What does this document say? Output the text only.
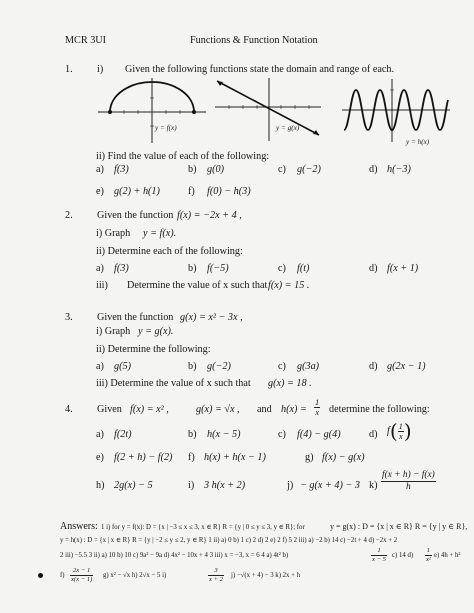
MCR 3UI	Functions & Function Notation
1. i) Given the following functions state the domain and range of each.
y = f(x)	y = g(x)
y = h(x)
ii) Find the value of each of the following:
a) f(3)	b) g(0)	c) g(−2)	d) h(−3)
e) g(2) + h(1)	f) f(0) − h(3)
2. Given the function f(x) = −2x + 4 ,
i) Graph y = f(x).
ii) Determine each of the following:
a) f(3)	b) f(−5)	c) f(t)	d) f(x + 1)
iii) Determine the value of x such that f(x) = 15 .
3. Given the function g(x) = x² − 3x ,
i) Graph y = g(x).
ii) Determine the following:
a) g(5)	b) g(−2)	c) g(3a)	d) g(2x − 1)
iii) Determine the value of x such that g(x) = 18 .
4. Given f(x) = x² ,	g(x) = √x , and $h(x) = \frac{1}{x}$ determine the following:
a) f(2t)	b) h(x − 5)	c) f(4) − g(4)	d) $f( \frac{1}{x}$ )
e) f(2 + h) − f(2) f) h(x) + h(x − 1)	g) f(x) − g(x)
h) 2g(x) − 5	i) 3 h(x + 2)	j) − g(x + 4) − 3 $k) \frac{f(x + h) - f(x)}{h}$
Answers: 1 i) for y = f(x): D = {x | −3 ≤ x ≤ 3, x ∈ R} R = {y | 0 ≤ y ≤ 3, y ∈ R}; for	y = g(x) : D = {x | x ∈ R} R = {y | y ∈ R},
y = h(x) : D = {x | x ∈ R} R = {y | −2 ≤ y ≤ 2, y ∈ R} 1 ii) a) 0 b) 1 c) 2 d) 2 e) 2 f) 5 2 iii) a) −2 b) 14 c) −2t + 4 d) −2x + 2
2 iii) −5.5 3 ii) a) 10 b) 10 c) 9a² − 9a d) 4x² − 10x + 4 3 iii) x = −3, x = 6 4 a) 4t² b)	$\frac{1}{x - 5} c$) 14 $d) \frac{1}{\text{x²}} e$) 4h + h²
$f) \frac{2x - 1}{x(x - 1)} g$) x² − √x h) 2√x − 5 i)	$\frac{3}{x + 2} j) -√(x + 4) - 3$ k) 2x + h
